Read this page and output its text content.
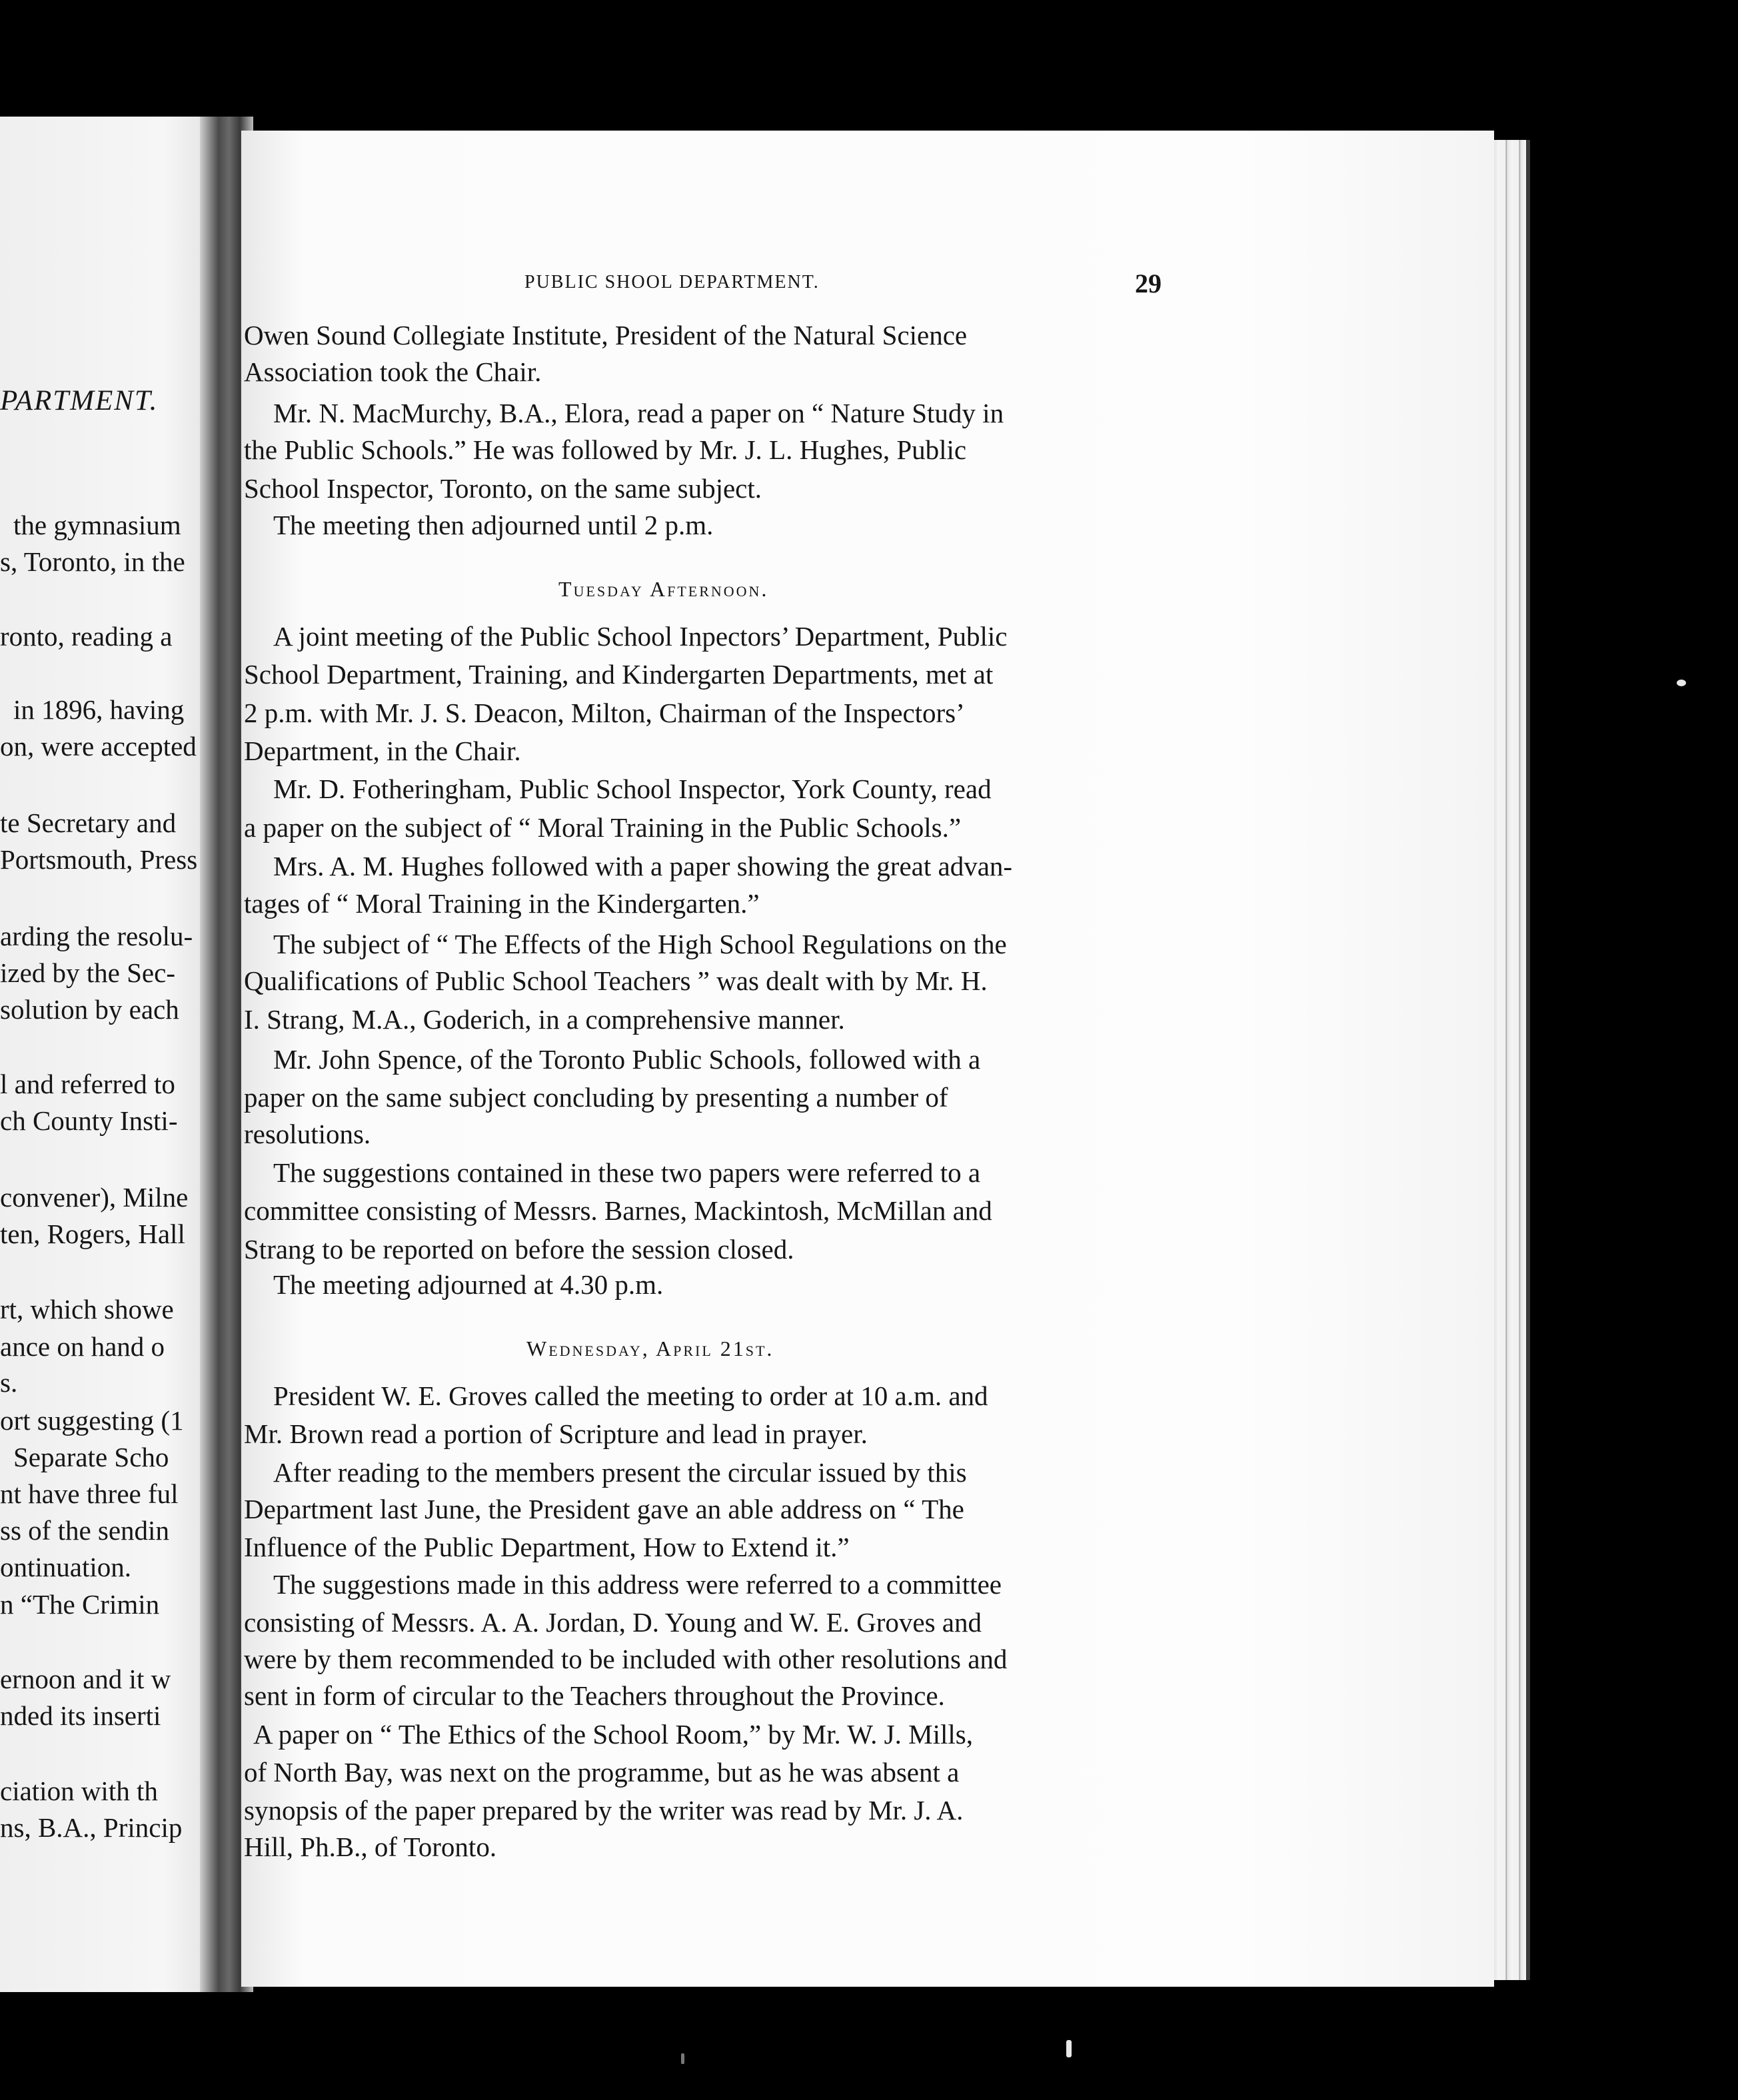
PARTMENT.
the gymnasium
s, Toronto, in the
ronto, reading a
in 1896, having
on, were accepted
te Secretary and
Portsmouth, Press
arding the resolu-
ized by the Sec-
solution by each
l and referred to
ch County Insti-
convener), Milne
ten, Rogers, Hall
rt, which showe
ance on hand o
s.
ort suggesting (1
Separate Scho
nt have three ful
ss of the sendin
ontinuation.
n “The Crimin
ernoon and it w
nded its inserti
ciation with th
ns, B.A., Princip
PUBLIC SHOOL DEPARTMENT.	29
Owen Sound Collegiate Institute, President of the Natural Science
Association took the Chair.
Mr. N. MacMurchy, B.A., Elora, read a paper on “ Nature Study in
the Public Schools.” He was followed by Mr. J. L. Hughes, Public
School Inspector, Toronto, on the same subject.
The meeting then adjourned until 2 p.m.
Tuesday Afternoon.
A joint meeting of the Public School Inpectors’ Department, Public
School Department, Training, and Kindergarten Departments, met at
2 p.m. with Mr. J. S. Deacon, Milton, Chairman of the Inspectors’
Department, in the Chair.
Mr. D. Fotheringham, Public School Inspector, York County, read
a paper on the subject of “ Moral Training in the Public Schools.”
Mrs. A. M. Hughes followed with a paper showing the great advan-
tages of “ Moral Training in the Kindergarten.”
The subject of “ The Effects of the High School Regulations on the
Qualifications of Public School Teachers ” was dealt with by Mr. H.
I. Strang, M.A., Goderich, in a comprehensive manner.
Mr. John Spence, of the Toronto Public Schools, followed with a
paper on the same subject concluding by presenting a number of
resolutions.
The suggestions contained in these two papers were referred to a
committee consisting of Messrs. Barnes, Mackintosh, McMillan and
Strang to be reported on before the session closed.
The meeting adjourned at 4.30 p.m.
Wednesday, April 21st.
President W. E. Groves called the meeting to order at 10 a.m. and
Mr. Brown read a portion of Scripture and lead in prayer.
After reading to the members present the circular issued by this
Department last June, the President gave an able address on “ The
Influence of the Public Department, How to Extend it.”
The suggestions made in this address were referred to a committee
consisting of Messrs. A. A. Jordan, D. Young and W. E. Groves and
were by them recommended to be included with other resolutions and
sent in form of circular to the Teachers throughout the Province.
A paper on “ The Ethics of the School Room,” by Mr. W. J. Mills,
of North Bay, was next on the programme, but as he was absent a
synopsis of the paper prepared by the writer was read by Mr. J. A.
Hill, Ph.B., of Toronto.
